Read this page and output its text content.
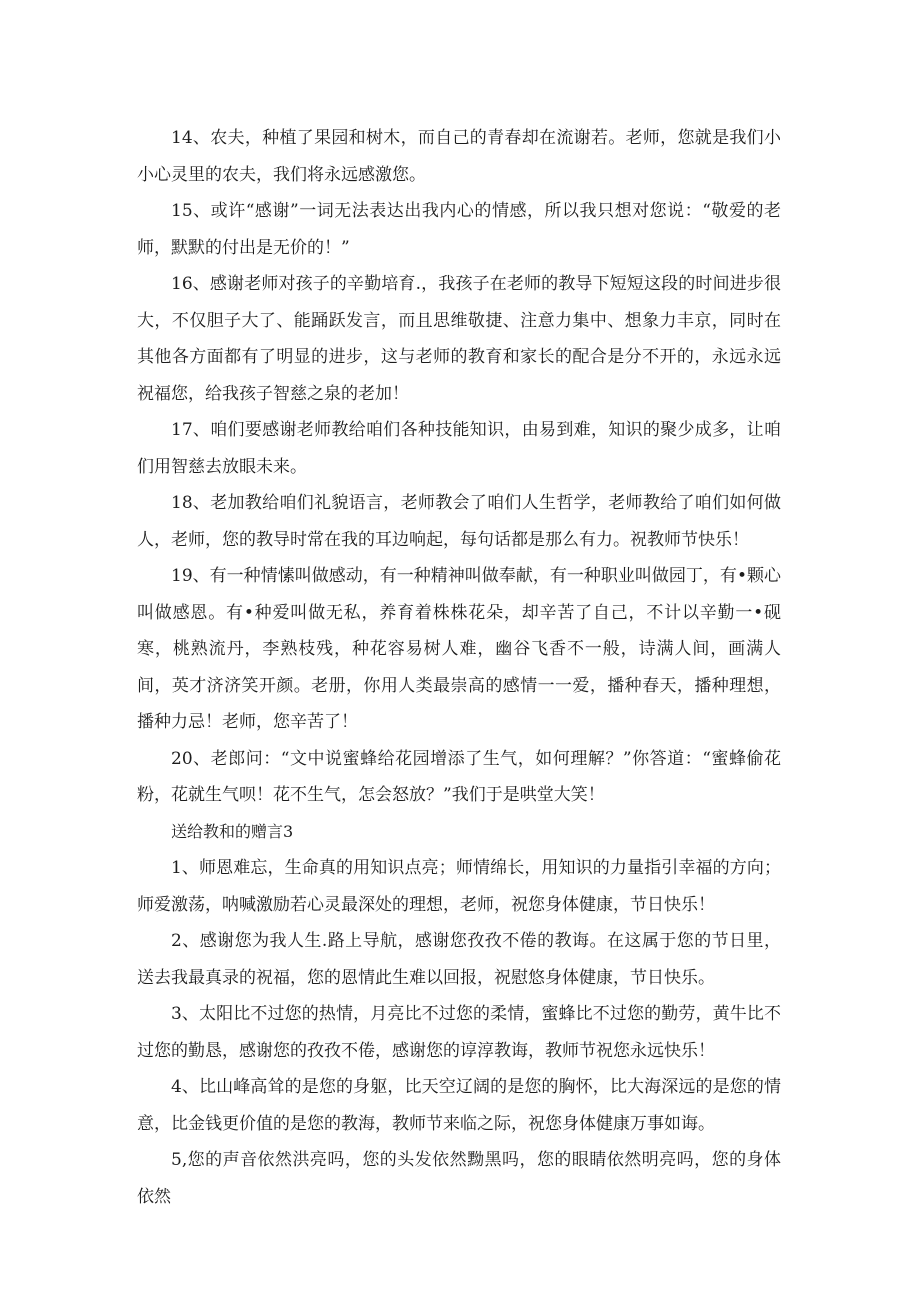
14、农夫，种植了果园和树木，而自己的青春却在流谢若。老师，您就是我们小小心灵里的农夫，我们将永远感激您。

15、或许“感谢”一词无法表达出我内心的情感，所以我只想对您说：“敬爱的老师，默默的付出是无价的！”

16、感谢老师对孩子的辛勤培育.，我孩子在老师的教导下短短这段的时间进步很大，不仅胆子大了、能踊跃发言，而且思维敬捷、注意力集中、想象力丰京，同时在其他各方面都有了明显的进步，这与老师的教育和家长的配合是分不开的，永远永远祝福您，给我孩子智慈之泉的老加！

17、咱们要感谢老师教给咱们各种技能知识，由易到难，知识的聚少成多，让咱们用智慈去放眼未来。

18、老加教给咱们礼貌语言，老师教会了咱们人生哲学，老师教给了咱们如何做人，老师，您的教导时常在我的耳边响起，每句话都是那么有力。祝教师节快乐！

19、有一种情愫叫做感动，有一种精神叫做奉献，有一种职业叫做园丁，有•颗心叫做感恩。有•种爱叫做无私，养育着株株花朵，却辛苦了自己，不计以辛勤一•砚寒，桃熟流丹，李熟枝残，种花容易树人难，幽谷飞香不一般，诗满人间，画满人间，英才济济笑开颜。老册，你用人类最崇高的感情一一爱，播种春天，播种理想，播种力忌！老师，您辛苦了！

20、老郎问：“文中说蜜蜂给花园增添了生气，如何理解？”你答道：“蜜蜂偷花粉，花就生气呗！花不生气，怎会怒放？”我们于是哄堂大笑！

送给教和的赠言3

1、师恩难忘，生命真的用知识点亮；师情绵长，用知识的力量指引幸福的方向；师爱激荡，呐喊激励若心灵最深处的理想，老师，祝您身体健康，节日快乐！

2、感谢您为我人生.路上导航，感谢您孜孜不倦的教诲。在这属于您的节日里，送去我最真录的祝福，您的恩情此生难以回报，祝慰悠身体健康，节日快乐。

3、太阳比不过您的热情，月亮比不过您的柔情，蜜蜂比不过您的勤劳，黄牛比不过您的勤恳，感谢您的孜孜不倦，感谢您的谆淳教诲，教师节祝您永远快乐！

4、比山峰高耸的是您的身躯，比天空辽阔的是您的胸怀，比大海深远的是您的情意，比金钱更价值的是您的教海，教师节来临之际，祝您身体健康万事如诲。

5,您的声音依然洪亮吗，您的头发依然黝黑吗，您的眼睛依然明亮吗，您的身体依然
